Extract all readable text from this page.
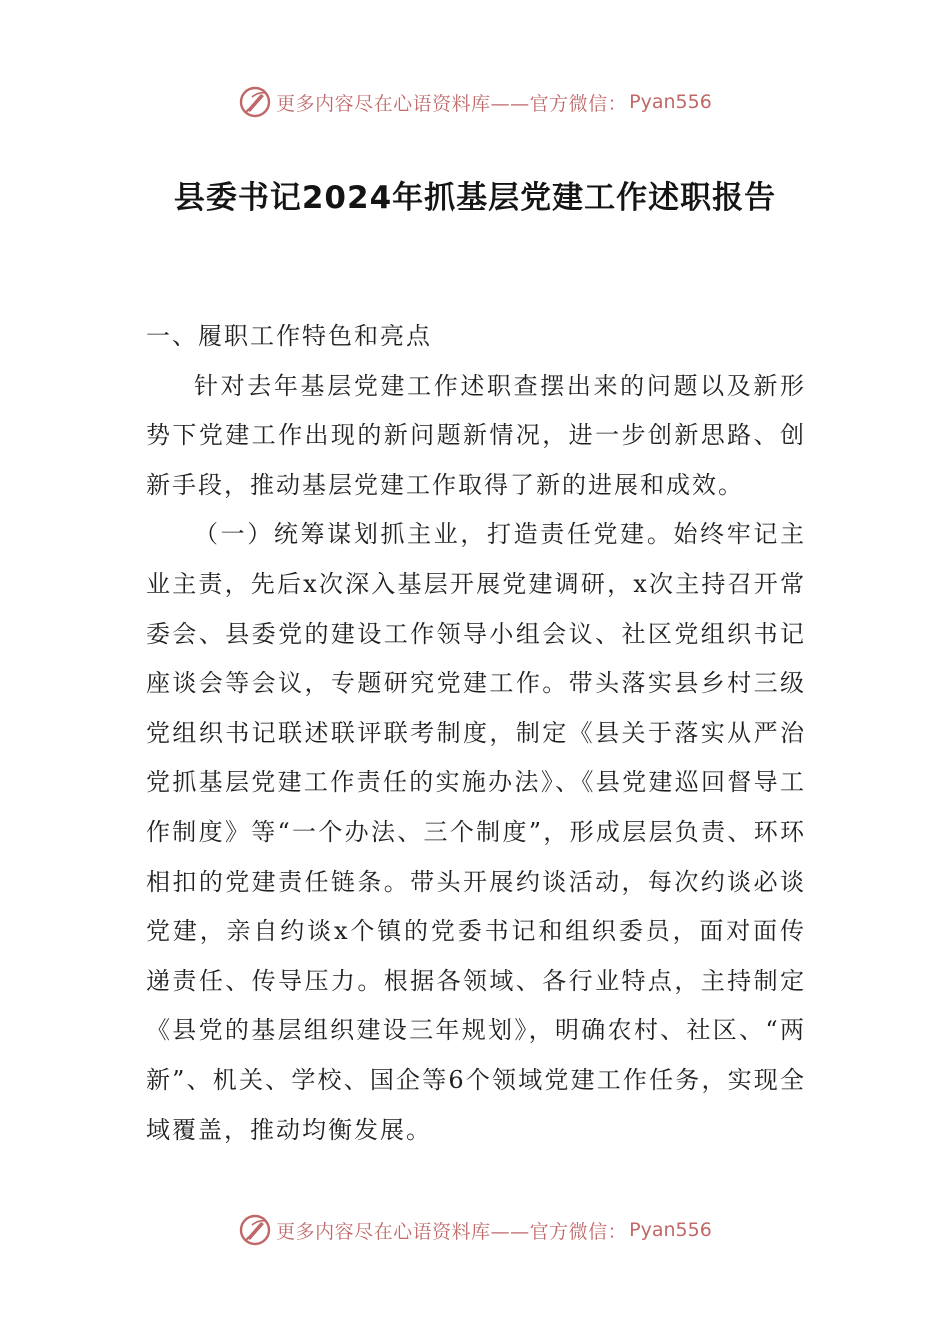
更多内容尽在心语资料库——官方微信： Pyan556
县委书记2024年抓基层党建工作述职报告

一、履职工作特色和亮点

针对去年基层党建工作述职查摆出来的问题以及新形势下党建工作出现的新问题新情况，进一步创新思路、创新手段，推动基层党建工作取得了新的进展和成效。

（一）统筹谋划抓主业，打造责任党建。始终牢记主业主责，先后x次深入基层开展党建调研，x次主持召开常委会、县委党的建设工作领导小组会议、社区党组织书记座谈会等会议，专题研究党建工作。带头落实县乡村三级党组织书记联述联评联考制度，制定《县关于落实从严治党抓基层党建工作责任的实施办法》、《县党建巡回督导工作制度》等“一个办法、三个制度”，形成层层负责、环环相扣的党建责任链条。带头开展约谈活动，每次约谈必谈党建，亲自约谈x个镇的党委书记和组织委员，面对面传递责任、传导压力。根据各领域、各行业特点，主持制定《县党的基层组织建设三年规划》，明确农村、社区、“两新”、机关、学校、国企等6个领域党建工作任务，实现全域覆盖，推动均衡发展。

更多内容尽在心语资料库——官方微信： Pyan556
